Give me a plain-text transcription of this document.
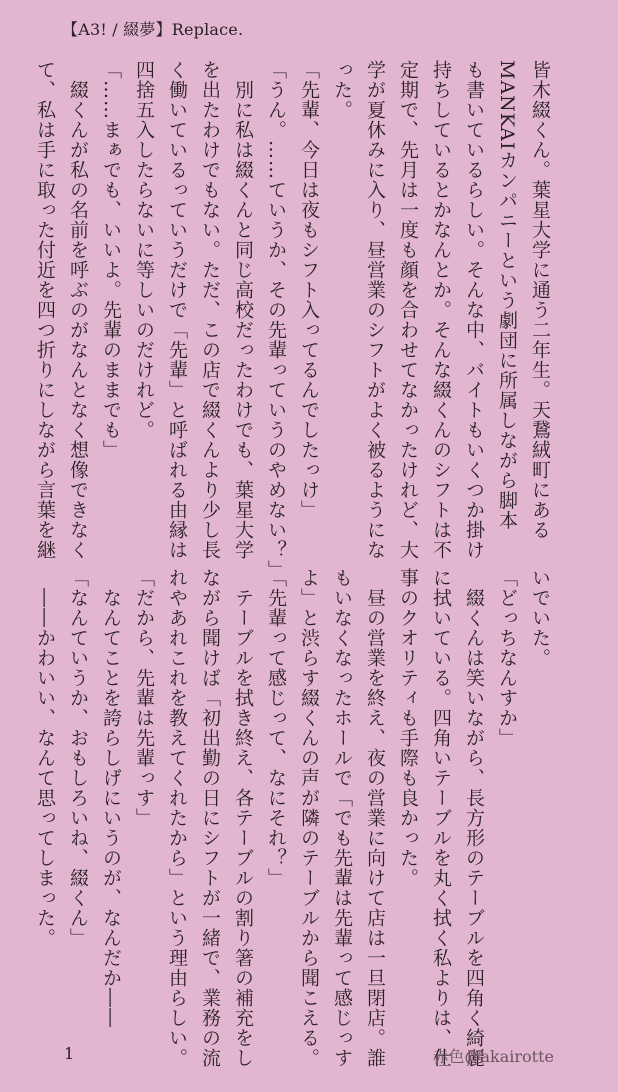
【A3! / 綴夢】Replace.
皆木綴くん。葉星大学に通う二年生。天鵞絨町にある
MANKAIカンパニーという劇団に所属しながら脚本
も書いているらしい。そんな中、バイトもいくつか掛け
持ちしているとかなんとか。そんな綴くんのシフトは不
定期で、先月は一度も顔を合わせてなかったけれど、大
学が夏休みに入り、昼営業のシフトがよく被るようにな
った。
「先輩、今日は夜もシフト入ってるんでしたっけ」
「うん。……ていうか、その先輩っていうのやめない？」
　別に私は綴くんと同じ高校だったわけでも、葉星大学
を出たわけでもない。ただ、この店で綴くんより少し長
く働いているっていうだけで「先輩」と呼ばれる由縁は
四捨五入したらないに等しいのだけれど。
「……まぁでも、いいよ。先輩のままでも」
　綴くんが私の名前を呼ぶのがなんとなく想像できなく
て、私は手に取った付近を四つ折りにしながら言葉を継
いでいた。
「どっちなんすか」
　綴くんは笑いながら、長方形のテーブルを四角く綺麗
に拭いている。四角いテーブルを丸く拭く私よりは、仕
事のクオリティも手際も良かった。
　昼の営業を終え、夜の営業に向けて店は一旦閉店。誰
もいなくなったホールで「でも先輩は先輩って感じっす
よ」と渋らす綴くんの声が隣のテーブルから聞こえる。
「先輩って感じって、なにそれ？」
　テーブルを拭き終え、各テーブルの割り箸の補充をし
ながら聞けば「初出勤の日にシフトが一緒で、業務の流
れやあれこれを教えてくれたから」という理由らしい。
「だから、先輩は先輩っす」
　なんてことを誇らしげにいうのが、なんだか――
「なんていうか、おもしろいね、綴くん」
　――かわいい、なんて思ってしまった。
1	赤色@akairotte
